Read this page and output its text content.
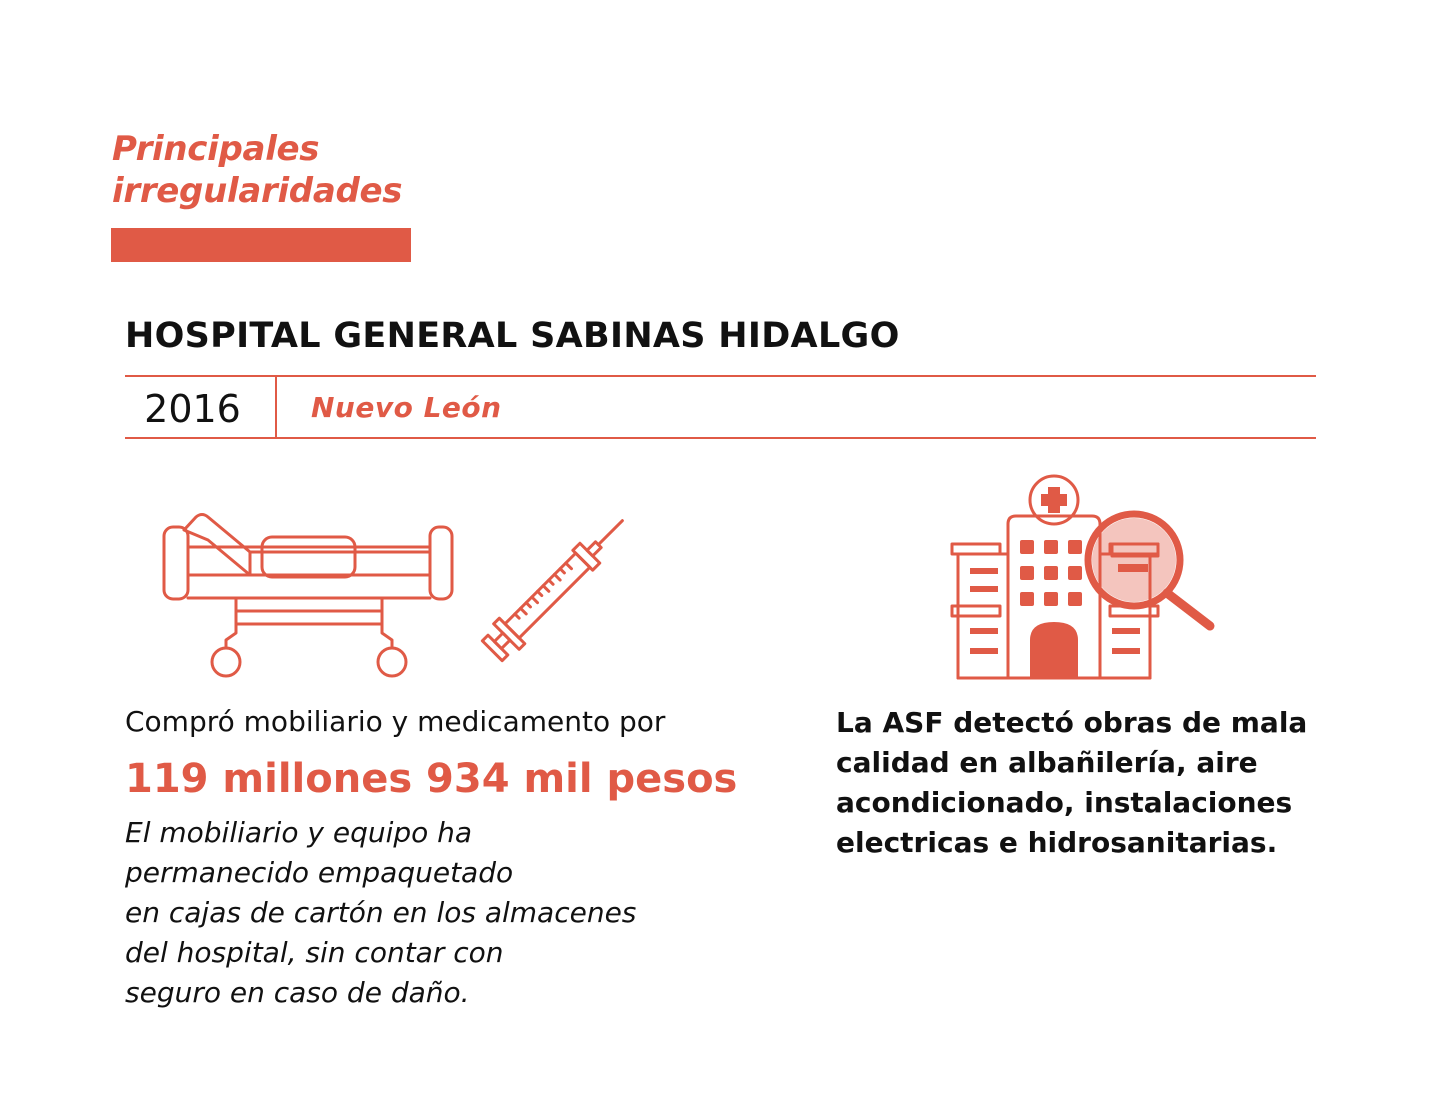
Principales
irregularidades
HOSPITAL GENERAL SABINAS HIDALGO
2016	Nuevo León
Compró mobiliario y medicamento por
119 millones 934 mil pesos

El mobiliario y equipo ha
permanecido empaquetado
en cajas de cartón en los almacenes
del hospital, sin contar con
seguro en caso de daño.

La ASF detectó obras de mala
calidad en albañilería, aire
acondicionado, instalaciones
electricas e hidrosanitarias.
